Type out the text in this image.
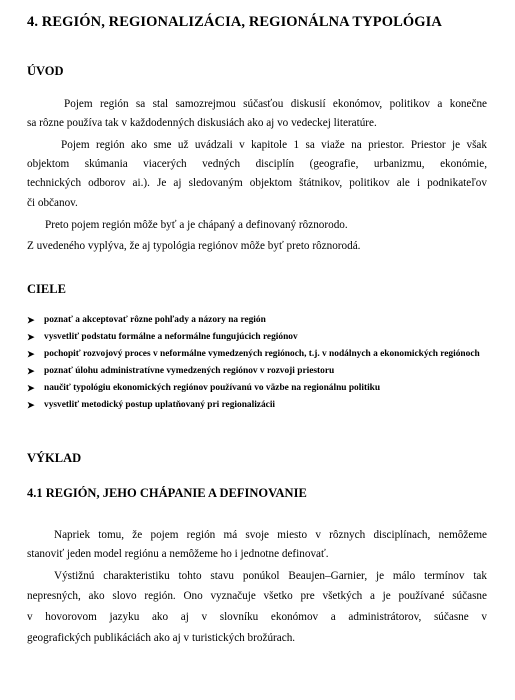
4. REGIÓN, REGIONALIZÁCIA, REGIONÁLNA TYPOLÓGIA
ÚVOD
Pojem región sa stal samozrejmou súčasťou diskusií ekonómov, politikov a konečne
sa rôzne používa tak v každodenných diskusiách ako aj vo vedeckej literatúre.
Pojem región ako sme už uvádzali v kapitole 1 sa viaže na priestor. Priestor je však
objektom skúmania viacerých vedných disciplín (geografie, urbanizmu, ekonómie,
technických odborov ai.). Je aj sledovaným objektom štátnikov, politikov ale i podnikateľov
či občanov.
Preto pojem región môže byť a je chápaný a definovaný rôznorodo.
Z uvedeného vyplýva, že aj typológia regiónov môže byť preto rôznorodá.
CIELE
➤ poznať a akceptovať rôzne pohľady a názory na región
➤ vysvetliť podstatu formálne a neformálne fungujúcich regiónov
➤ pochopiť rozvojový proces v neformálne vymedzených regiónoch, t.j. v nodálnych a ekonomických regiónoch
➤ poznať úlohu administratívne vymedzených regiónov v rozvoji priestoru
➤ naučiť typológiu ekonomických regiónov používanú vo väzbe na regionálnu politiku
➤ vysvetliť metodický postup uplatňovaný pri regionalizácii
VÝKLAD
4.1 REGIÓN, JEHO CHÁPANIE A DEFINOVANIE
Napriek tomu, že pojem región má svoje miesto v rôznych disciplínach, nemôžeme
stanoviť jeden model regiónu a nemôžeme ho i jednotne definovať.
Výstižnú charakteristiku tohto stavu ponúkol Beaujen–Garnier, je málo termínov tak
nepresných, ako slovo región. Ono vyznačuje všetko pre všetkých a je používané súčasne
v hovorovom jazyku ako aj v slovníku ekonómov a administrátorov, súčasne v
geografických publikáciách ako aj v turistických brožúrach.
